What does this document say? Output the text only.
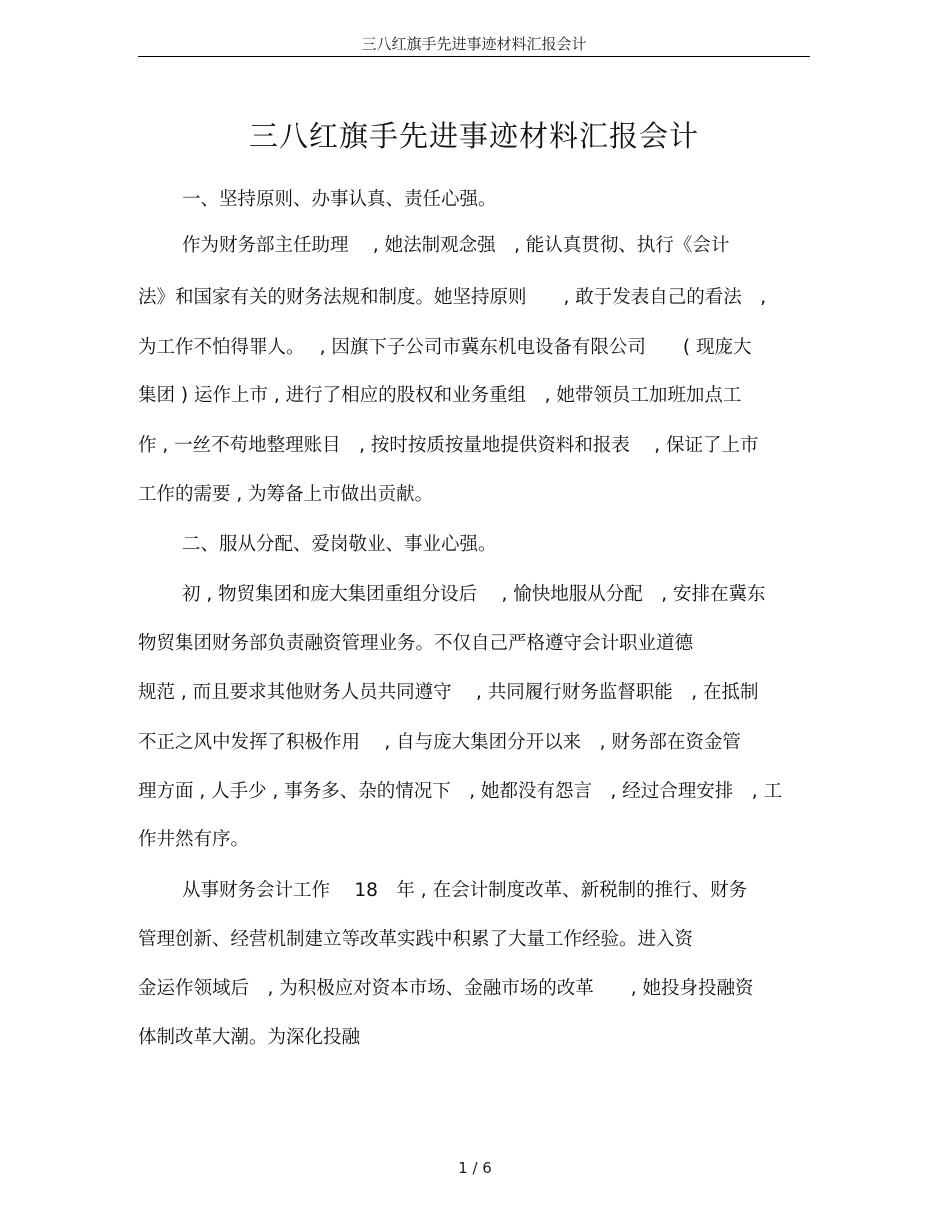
三八红旗手先进事迹材料汇报会计
三八红旗手先进事迹材料汇报会计
一、坚持原则、办事认真、责任心强。
作为财务部主任助理　 , 她法制观念强　, 能认真贯彻、执行《会计
法》和国家有关的财务法规和制度。她坚持原则　　, 敢于发表自己的看法　,
为工作不怕得罪人。　 , 因旗下子公司市冀东机电设备有限公司　　( 现庞大
集团 ) 运作上市 , 进行了相应的股权和业务重组　, 她带领员工加班加点工
作 , 一丝不苟地整理账目　, 按时按质按量地提供资料和报表　 , 保证了上市
工作的需要 , 为筹备上市做出贡献。
二、服从分配、爱岗敬业、事业心强。
初 , 物贸集团和庞大集团重组分设后　 , 愉快地服从分配　, 安排在冀东
物贸集团财务部负责融资管理业务。不仅自己严格遵守会计职业道德
规范 , 而且要求其他财务人员共同遵守　 , 共同履行财务监督职能　, 在抵制
不正之风中发挥了积极作用　 , 自与庞大集团分开以来　, 财务部在资金管
理方面 , 人手少 , 事务多、杂的情况下　, 她都没有怨言　, 经过合理安排　, 工
作井然有序。
从事财务会计工作　 18　年 , 在会计制度改革、新税制的推行、财务
管理创新、经营机制建立等改革实践中积累了大量工作经验。进入资
金运作领域后　, 为积极应对资本市场、金融市场的改革　　, 她投身投融资
体制改革大潮。为深化投融
1 / 6
